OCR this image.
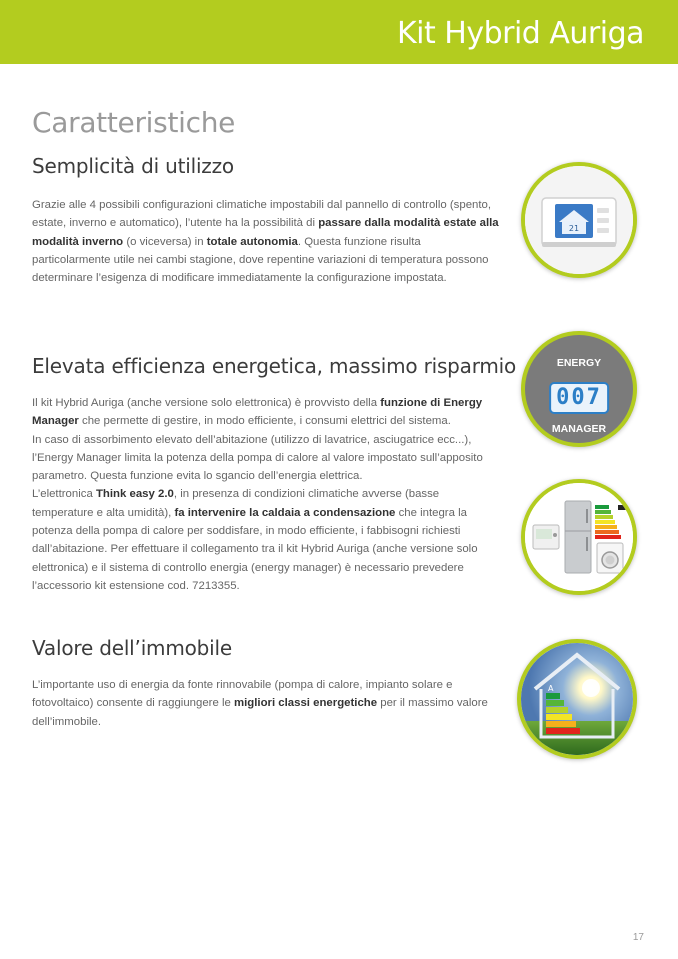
Kit Hybrid Auriga
Caratteristiche
Semplicità di utilizzo

Grazie alle 4 possibili configurazioni climatiche impostabili dal pannello di controllo (spento, estate, inverno e automatico), l’utente ha la possibilità di passare dalla modalità estate alla modalità inverno (o viceversa) in totale autonomia. Questa funzione risulta particolarmente utile nei cambi stagione, dove repentine variazioni di temperatura possono determinare l’esigenza di modificare immediatamente la configurazione impostata.

Elevata efficienza energetica, massimo risparmio

Il kit Hybrid Auriga (anche versione solo elettronica) è provvisto della funzione di Energy Manager che permette di gestire, in modo efficiente, i consumi elettrici del sistema.

In caso di assorbimento elevato dell’abitazione (utilizzo di lavatrice, asciugatrice ecc...), l’Energy Manager limita la potenza della pompa di calore al valore impostato sull’apposito parametro. Questa funzione evita lo sgancio dell’energia elettrica.

L’elettronica Think easy 2.0, in presenza di condizioni climatiche avverse (basse temperature e alta umidità), fa intervenire la caldaia a condensazione che integra la potenza della pompa di calore per soddisfare, in modo efficiente, i fabbisogni richiesti dall’abitazione. Per effettuare il collegamento tra il kit Hybrid Auriga (anche versione solo elettronica) e il sistema di controllo energia (energy manager) è necessario prevedere l’accessorio kit estensione cod. 7213355.

Valore dell’immobile

L’importante uso di energia da fonte rinnovabile (pompa di calore, impianto solare e fotovoltaico) consente di raggiungere le migliori classi energetiche per il massimo valore dell’immobile.

21
ENERGY
007
MANAGER
A
17
